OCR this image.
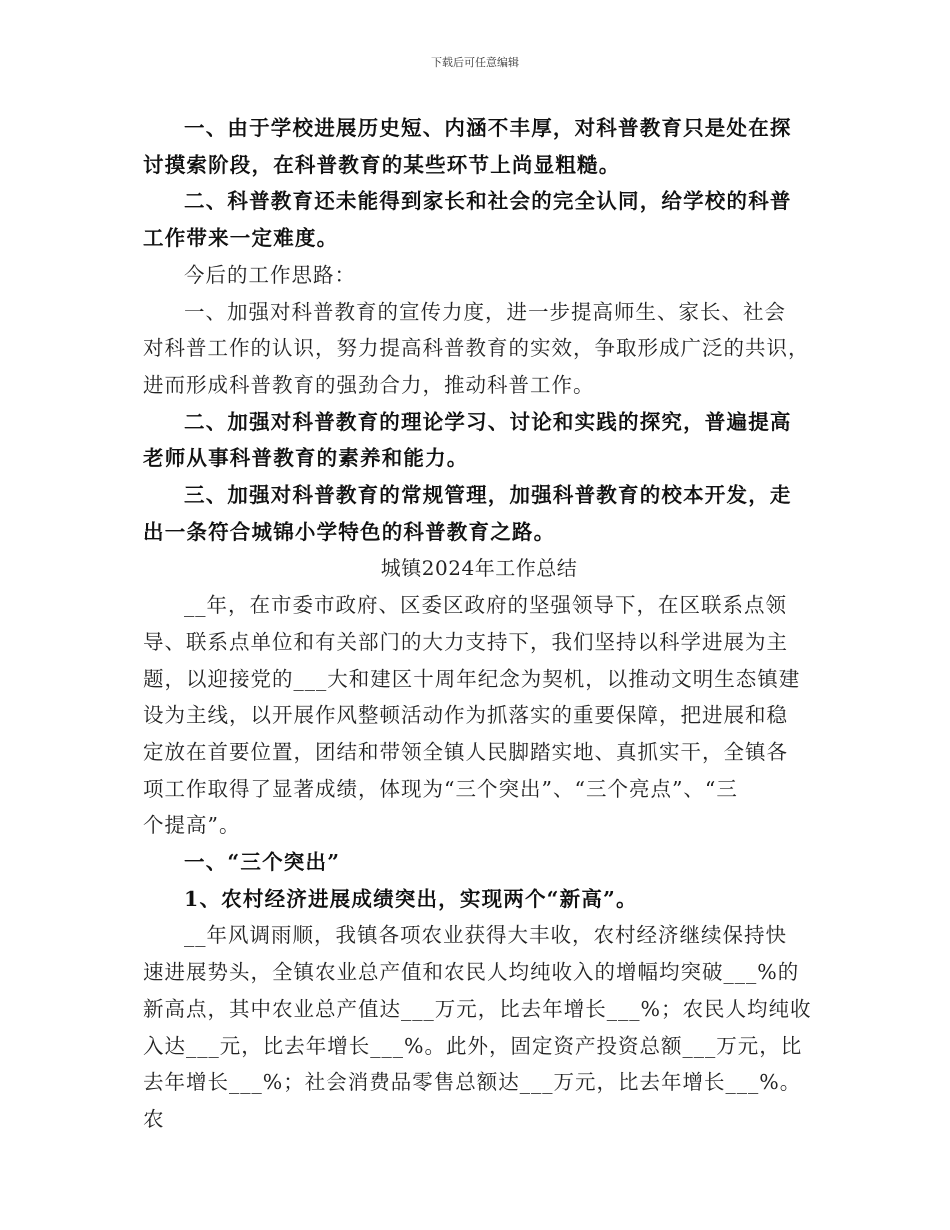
下载后可任意编辑

一、由于学校进展历史短、内涵不丰厚，对科普教育只是处在探
讨摸索阶段，在科普教育的某些环节上尚显粗糙。

二、科普教育还未能得到家长和社会的完全认同，给学校的科普
工作带来一定难度。

今后的工作思路：

一、加强对科普教育的宣传力度，进一步提高师生、家长、社会
对科普工作的认识，努力提高科普教育的实效，争取形成广泛的共识，
进而形成科普教育的强劲合力，推动科普工作。

二、加强对科普教育的理论学习、讨论和实践的探究，普遍提高
老师从事科普教育的素养和能力。

三、加强对科普教育的常规管理，加强科普教育的校本开发，走
出一条符合城锦小学特色的科普教育之路。

城镇2024年工作总结

__年，在市委市政府、区委区政府的坚强领导下，在区联系点领
导、联系点单位和有关部门的大力支持下，我们坚持以科学进展为主
题，以迎接党的___大和建区十周年纪念为契机，以推动文明生态镇建
设为主线，以开展作风整顿活动作为抓落实的重要保障，把进展和稳
定放在首要位置，团结和带领全镇人民脚踏实地、真抓实干，全镇各
项工作取得了显著成绩，体现为“三个突出”、“三个亮点”、“三
个提高”。

一、“三个突出”

1、农村经济进展成绩突出，实现两个“新高”。

__年风调雨顺，我镇各项农业获得大丰收，农村经济继续保持快
速进展势头，全镇农业总产值和农民人均纯收入的增幅均突破___%的
新高点，其中农业总产值达___万元，比去年增长___%；农民人均纯收
入达___元，比去年增长___%。此外，固定资产投资总额___万元，比
去年增长___%；社会消费品零售总额达___万元，比去年增长___%。农
